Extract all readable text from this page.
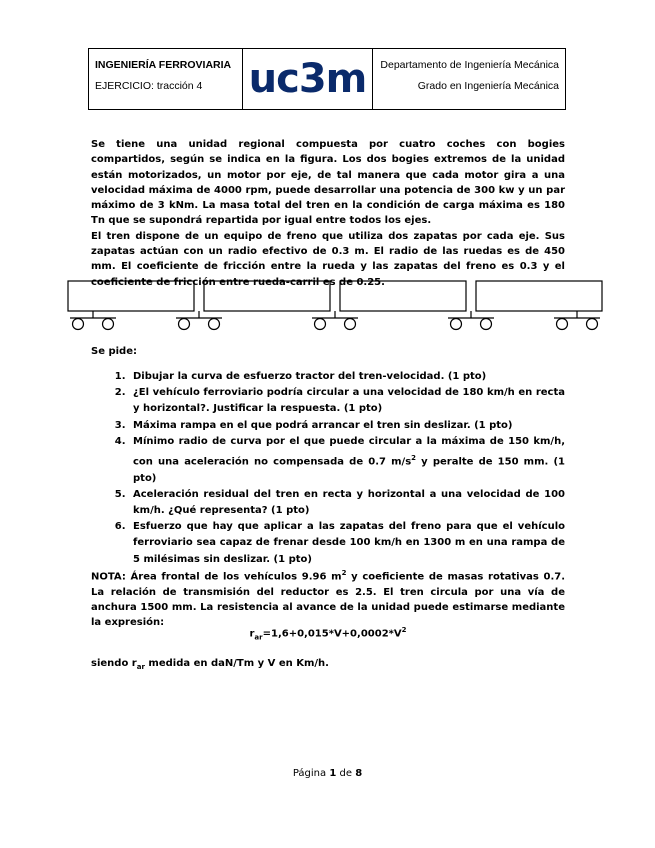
INGENIERÍA FERROVIARIA
EJERCICIO: tracción 4	uc3m	Departamento de Ingeniería Mecánica
Grado en Ingeniería Mecánica

Se tiene una unidad regional compuesta por cuatro coches con bogies compartidos, según se indica en la figura. Los dos bogies extremos de la unidad están motorizados, un motor por eje, de tal manera que cada motor gira a una velocidad máxima de 4000 rpm, puede desarrollar una potencia de 300 kw y un par máximo de 3 kNm. La masa total del tren en la condición de carga máxima es 180 Tn que se supondrá repartida por igual entre todos los ejes.

El tren dispone de un equipo de freno que utiliza dos zapatas por cada eje. Sus zapatas actúan con un radio efectivo de 0.3 m. El radio de las ruedas es de 450 mm. El coeficiente de fricción entre la rueda y las zapatas del freno es 0.3 y el coeficiente de fricción entre rueda-carril es de 0.25.

Se pide:
1. Dibujar la curva de esfuerzo tractor del tren-velocidad. (1 pto)
2. ¿El vehículo ferroviario podría circular a una velocidad de 180 km/h en recta y horizontal?. Justificar la respuesta. (1 pto)
3. Máxima rampa en el que podrá arrancar el tren sin deslizar. (1 pto)
4. Mínimo radio de curva por el que puede circular a la máxima de 150 km/h, con una aceleración no compensada de 0.7 $m/s^2$ y peralte de 150 mm. (1 pto)
5. Aceleración residual del tren en recta y horizontal a una velocidad de 100 km/h. ¿Qué representa? (1 pto)
6. Esfuerzo que hay que aplicar a las zapatas del freno para que el vehículo ferroviario sea capaz de frenar desde 100 km/h en 1300 m en una rampa de 5 milésimas sin deslizar. (1 pto)

NOTA: Área frontal de los vehículos 9.96 $m^2$ y coeficiente de masas rotativas 0.7. La relación de transmisión del reductor es 2.5. El tren circula por una vía de anchura 1500 mm. La resistencia al avance de la unidad puede estimarse mediante la expresión:

$r_{ar}=1,6+0,015*V+0,0002*V^2$
siendo $r_{ar}$ medida en daN/Tm y V en Km/h.
Página 1 de 8
